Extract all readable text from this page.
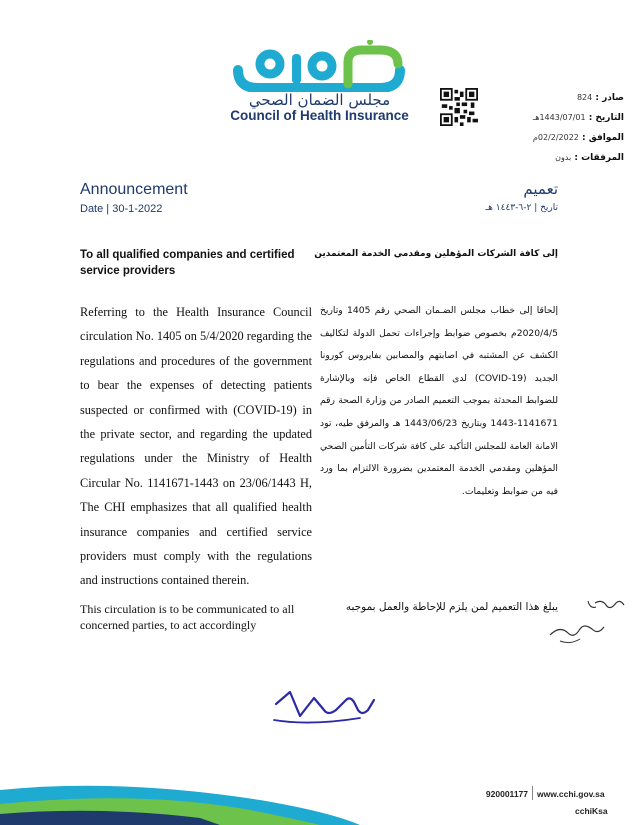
مجلس الضمان الصحي
Council of Health Insurance
صادر : 824
التاريخ : 1443/07/01هـ
الموافق : 02/2/2022م
المرفقات : بدون
Announcement
Date | 30-1-2022
تعميم
تاريخ | ٢-٦-١٤٤٣ هـ
To all qualified companies and certified service providers
إلى كافة الشركات المؤهلين ومقدمي الخدمة المعتمدين
Referring to the Health Insurance Council circulation No. 1405 on 5/4/2020 regarding the regulations and procedures of the government to bear the expenses of detecting patients suspected or confirmed with (COVID-19) in the private sector, and regarding the updated regulations under the Ministry of Health Circular No. 1141671-1443 on 23/06/1443 H, The CHI emphasizes that all qualified health insurance companies and certified service providers must comply with the regulations and instructions contained therein.
إلحاقا إلى خطاب مجلس الضـمان الصحي رقم 1405 وتاريخ 2020/4/5م بخصوص ضوابط وإجراءات تحمل الدولة لتكاليف الكشف عن المشتبه في اصابتهم والمصابين بفايروس كورونا الجديد (COVID-19) لدى القطاع الخاص فإنه وبالإشارة للضوابط المحدثة بموجب التعميم الصادر من وزارة الصحة رقم 1141671-1443 وبتاريخ 1443/06/23 هـ والمرفق طيه، تود الامانة العامة للمجلس التأكيد على كافة شركات التأمين الصحي المؤهلين ومقدمي الخدمة المعتمدين بضرورة الالتزام بما ورد فيه من ضوابط وتعليمات.
This circulation is to be communicated to all concerned parties, to act accordingly
يبلغ هذا التعميم لمن يلزم للإحاطة والعمل بموجبه
920001177 www.cchi.gov.sa
cchiKsa
